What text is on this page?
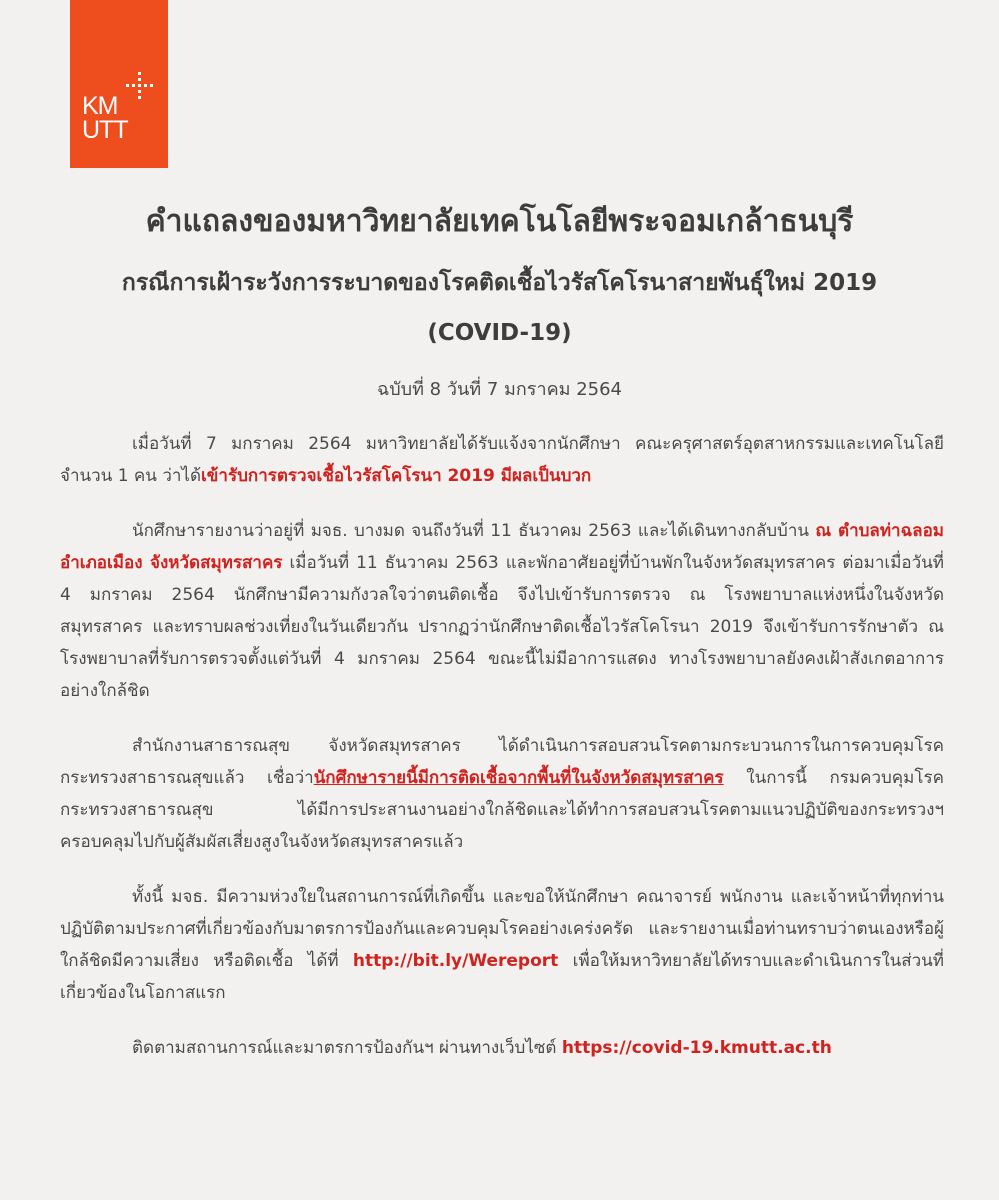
KM
UTT
คำแถลงของมหาวิทยาลัยเทคโนโลยีพระจอมเกล้าธนบุรี
กรณีการเฝ้าระวังการระบาดของโรคติดเชื้อไวรัสโคโรนาสายพันธุ์ใหม่ 2019
(COVID-19)
ฉบับที่ 8 วันที่ 7 มกราคม 2564

เมื่อวันที่ 7 มกราคม 2564 มหาวิทยาลัยได้รับแจ้งจากนักศึกษา คณะครุศาสตร์อุตสาหกรรมและเทคโนโลยี จำนวน 1 คน ว่าได้เข้ารับการตรวจเชื้อไวรัสโคโรนา 2019 มีผลเป็นบวก

นักศึกษารายงานว่าอยู่ที่ มจธ. บางมด จนถึงวันที่ 11 ธันวาคม 2563 และได้เดินทางกลับบ้าน ณ ตำบลท่าฉลอม อำเภอเมือง จังหวัดสมุทรสาคร เมื่อวันที่ 11 ธันวาคม 2563 และพักอาศัยอยู่ที่บ้านพักในจังหวัดสมุทรสาคร ต่อมาเมื่อวันที่ 4 มกราคม 2564 นักศึกษามีความกังวลใจว่าตนติดเชื้อ จึงไปเข้ารับการตรวจ ณ โรงพยาบาลแห่งหนึ่งในจังหวัดสมุทรสาคร และทราบผลช่วงเที่ยงในวันเดียวกัน ปรากฏว่านักศึกษาติดเชื้อไวรัสโคโรนา 2019 จึงเข้ารับการรักษาตัว ณ โรงพยาบาลที่รับการตรวจตั้งแต่วันที่ 4 มกราคม 2564 ขณะนี้ไม่มีอาการแสดง ทางโรงพยาบาลยังคงเฝ้าสังเกตอาการอย่างใกล้ชิด

สำนักงานสาธารณสุข จังหวัดสมุทรสาคร ได้ดำเนินการสอบสวนโรคตามกระบวนการในการควบคุมโรค กระทรวงสาธารณสุขแล้ว เชื่อว่านักศึกษารายนี้มีการติดเชื้อจากพื้นที่ในจังหวัดสมุทรสาคร ในการนี้ กรมควบคุมโรค กระทรวงสาธารณสุข ได้มีการประสานงานอย่างใกล้ชิดและได้ทำการสอบสวนโรคตามแนวปฏิบัติของกระทรวงฯ ครอบคลุมไปกับผู้สัมผัสเสี่ยงสูงในจังหวัดสมุทรสาครแล้ว

ทั้งนี้ มจธ. มีความห่วงใยในสถานการณ์ที่เกิดขึ้น และขอให้นักศึกษา คณาจารย์ พนักงาน และเจ้าหน้าที่ทุกท่าน ปฏิบัติตามประกาศที่เกี่ยวข้องกับมาตรการป้องกันและควบคุมโรคอย่างเคร่งครัด และรายงานเมื่อท่านทราบว่าตนเองหรือผู้ใกล้ชิดมีความเสี่ยง หรือติดเชื้อ ได้ที่ http://bit.ly/Wereport เพื่อให้มหาวิทยาลัยได้ทราบและดำเนินการในส่วนที่เกี่ยวข้องในโอกาสแรก

ติดตามสถานการณ์และมาตรการป้องกันฯ ผ่านทางเว็บไซต์ https://covid-19.kmutt.ac.th
